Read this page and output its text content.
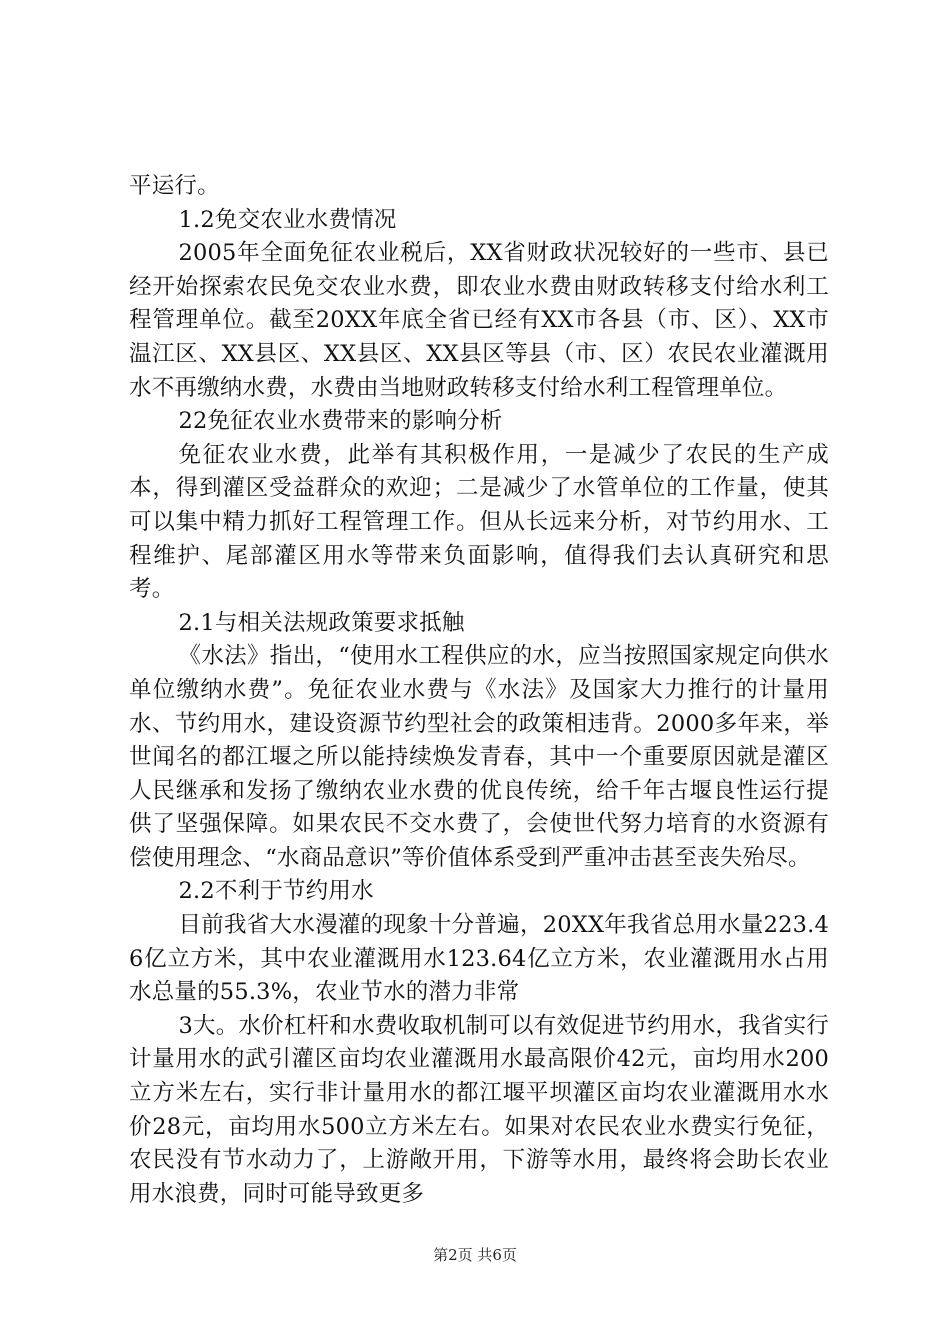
平运行。

1.2免交农业水费情况

2005年全面免征农业税后，XX省财政状况较好的一些市、县已经开始探索农民免交农业水费，即农业水费由财政转移支付给水利工程管理单位。截至20XX年底全省已经有XX市各县（市、区）、XX市温江区、XX县区、XX县区、XX县区等县（市、区）农民农业灌溉用水不再缴纳水费，水费由当地财政转移支付给水利工程管理单位。

22免征农业水费带来的影响分析

免征农业水费，此举有其积极作用，一是减少了农民的生产成本，得到灌区受益群众的欢迎；二是减少了水管单位的工作量，使其可以集中精力抓好工程管理工作。但从长远来分析，对节约用水、工程维护、尾部灌区用水等带来负面影响，值得我们去认真研究和思考。

2.1与相关法规政策要求抵触

《水法》指出，“使用水工程供应的水，应当按照国家规定向供水单位缴纳水费”。免征农业水费与《水法》及国家大力推行的计量用水、节约用水，建设资源节约型社会的政策相违背。2000多年来，举世闻名的都江堰之所以能持续焕发青春，其中一个重要原因就是灌区人民继承和发扬了缴纳农业水费的优良传统，给千年古堰良性运行提供了坚强保障。如果农民不交水费了，会使世代努力培育的水资源有偿使用理念、“水商品意识”等价值体系受到严重冲击甚至丧失殆尽。

2.2不利于节约用水

目前我省大水漫灌的现象十分普遍，20XX年我省总用水量223.46亿立方米，其中农业灌溉用水123.64亿立方米，农业灌溉用水占用水总量的55.3%，农业节水的潜力非常

3大。水价杠杆和水费收取机制可以有效促进节约用水，我省实行计量用水的武引灌区亩均农业灌溉用水最高限价42元，亩均用水200立方米左右，实行非计量用水的都江堰平坝灌区亩均农业灌溉用水水价28元，亩均用水500立方米左右。如果对农民农业水费实行免征，农民没有节水动力了，上游敞开用，下游等水用，最终将会助长农业用水浪费，同时可能导致更多

第2页 共6页
